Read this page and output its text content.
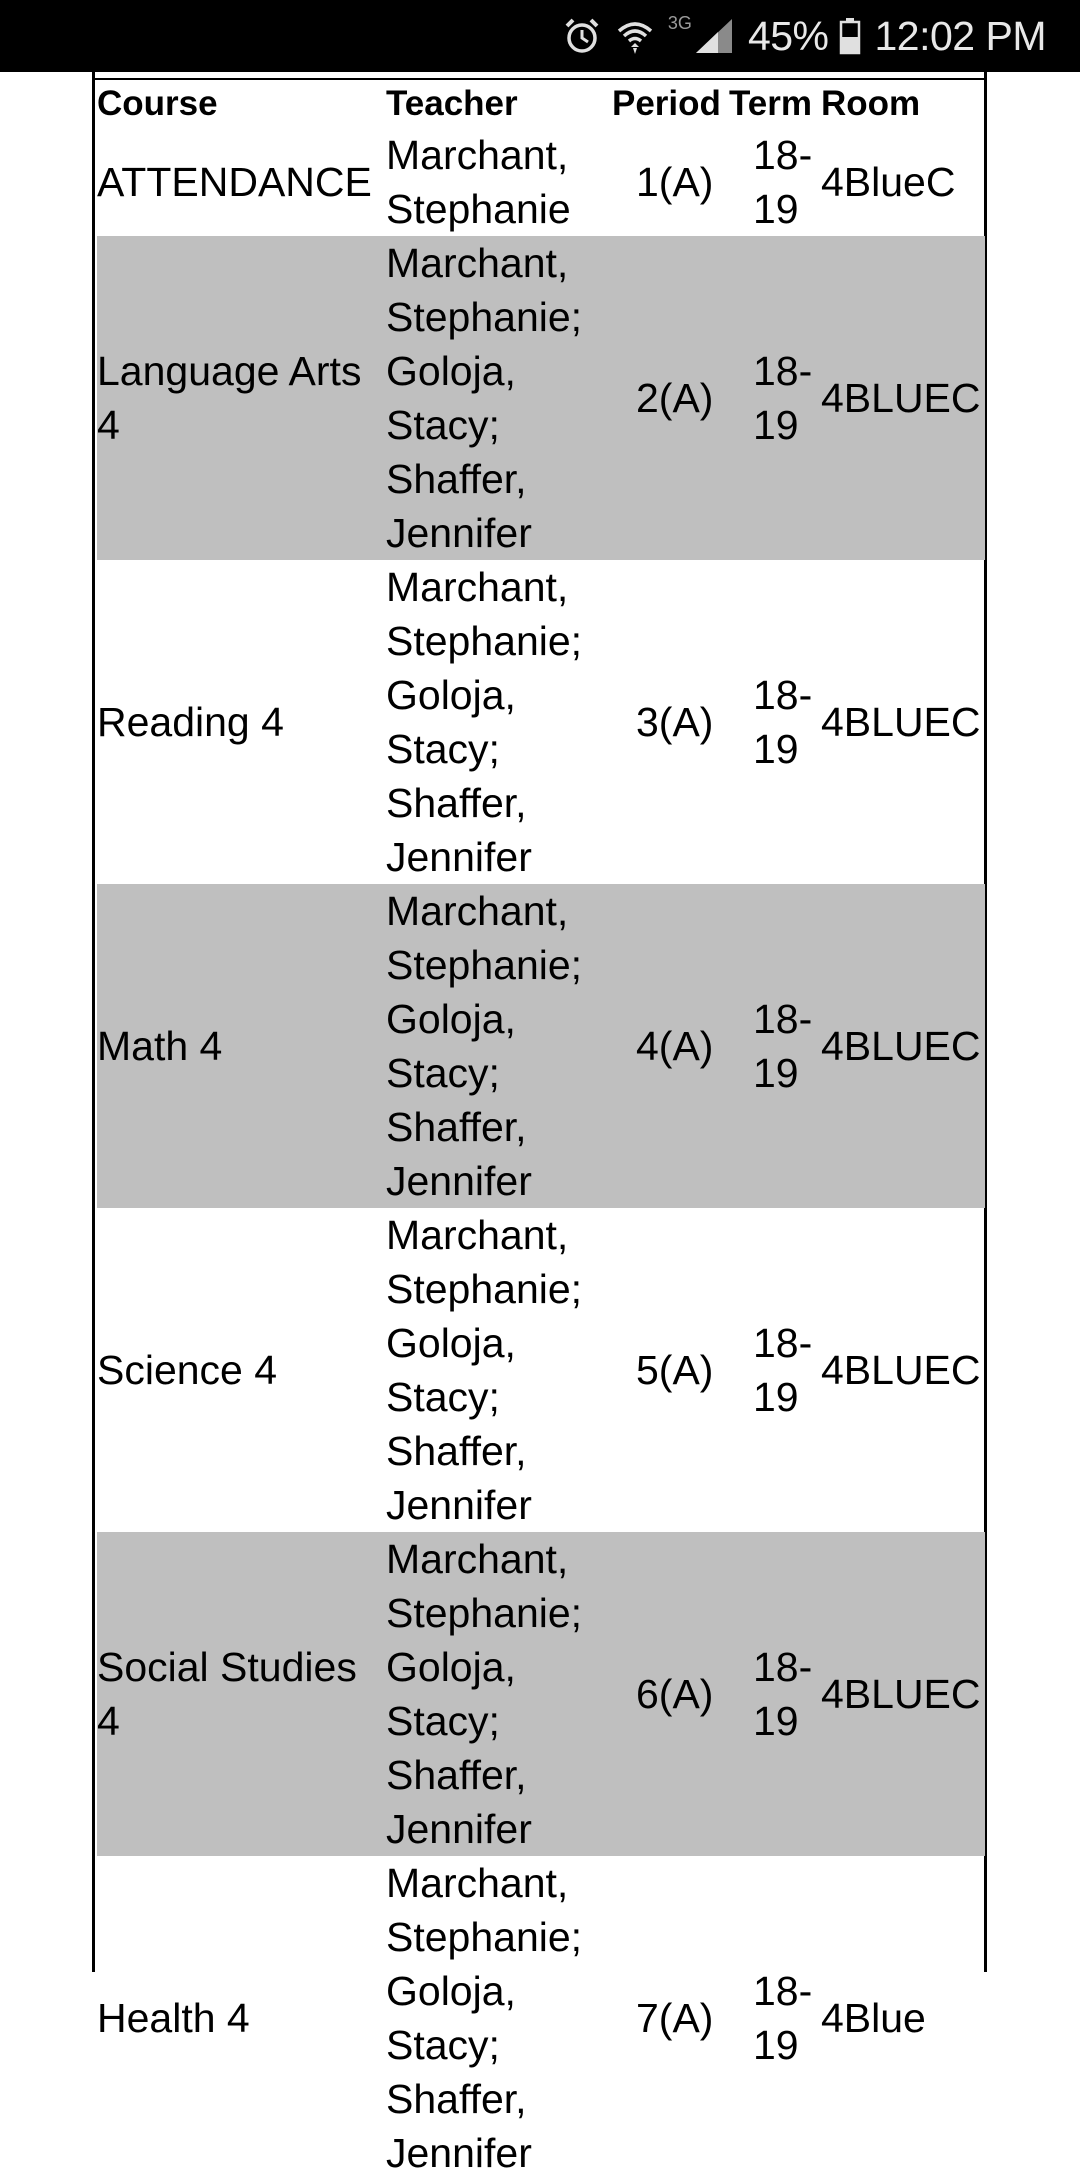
3G 45% 12:02 PM
Course	Teacher	Period	Term	Room
ATTENDANCE	Marchant, Stephanie	1(A)	18-19	4BlueC
Language Arts 4	Marchant, Stephanie; Goloja, Stacy; Shaffer, Jennifer	2(A)	18-19	4BLUEC
Reading 4	Marchant, Stephanie; Goloja, Stacy; Shaffer, Jennifer	3(A)	18-19	4BLUEC
Math 4	Marchant, Stephanie; Goloja, Stacy; Shaffer, Jennifer	4(A)	18-19	4BLUEC
Science 4	Marchant, Stephanie; Goloja, Stacy; Shaffer, Jennifer	5(A)	18-19	4BLUEC
Social Studies 4	Marchant, Stephanie; Goloja, Stacy; Shaffer, Jennifer	6(A)	18-19	4BLUEC
Health 4	Marchant, Stephanie; Goloja, Stacy; Shaffer, Jennifer	7(A)	18-19	4Blue
